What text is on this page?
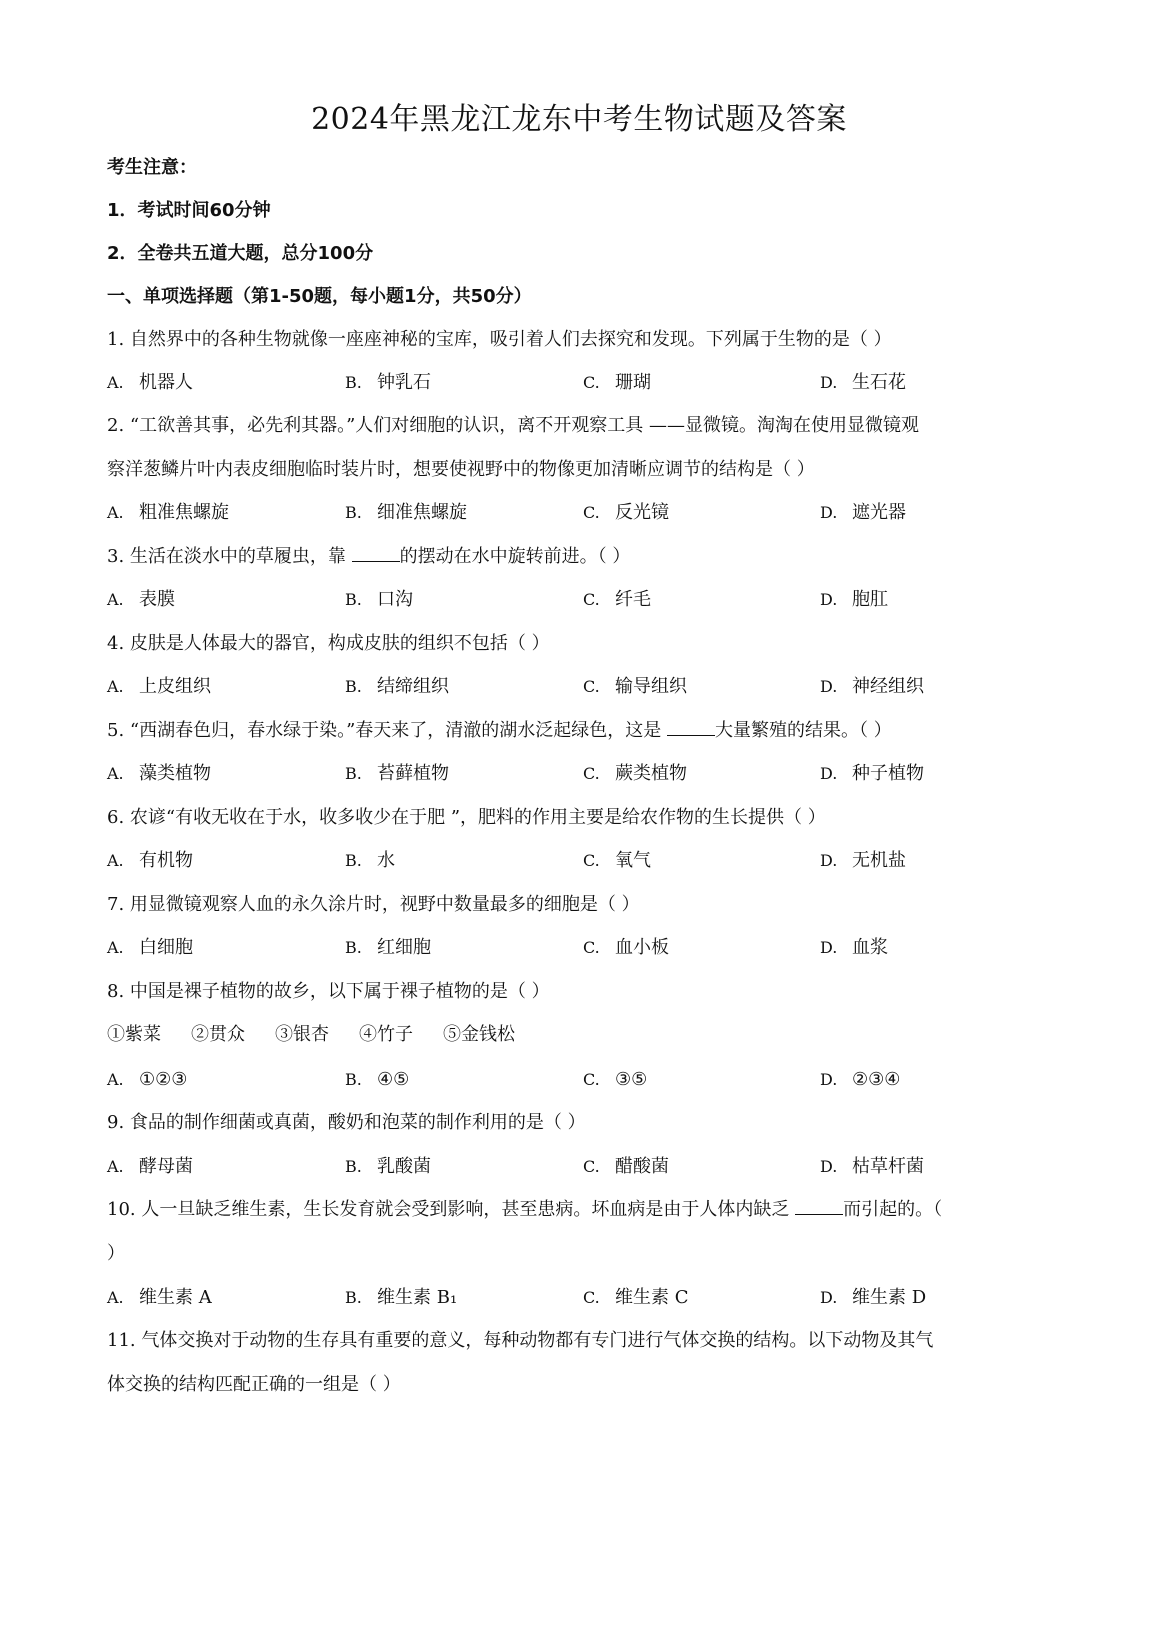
2024年黑龙江龙东中考生物试题及答案
考生注意：
1．考试时间60分钟
2．全卷共五道大题，总分100分
一、单项选择题（第1-50题，每小题1分，共50分）
1. 自然界中的各种生物就像一座座神秘的宝库，吸引着人们去探究和发现。下列属于生物的是（ ）
A. 机器人	B. 钟乳石	C. 珊瑚	D. 生石花
2. “工欲善其事，必先利其器。”人们对细胞的认识，离不开观察工具 ——显微镜。淘淘在使用显微镜观
察洋葱鳞片叶内表皮细胞临时装片时，想要使视野中的物像更加清晰应调节的结构是（ ）
A. 粗准焦螺旋	B. 细准焦螺旋	C. 反光镜	D. 遮光器
3. 生活在淡水中的草履虫，靠	的摆动在水中旋转前进。（ ）
A. 表膜	B. 口沟	C. 纤毛	D. 胞肛
4. 皮肤是人体最大的器官，构成皮肤的组织不包括（ ）
A. 上皮组织	B. 结缔组织	C. 输导组织	D. 神经组织
5. “西湖春色归，春水绿于染。”春天来了，清澈的湖水泛起绿色，这是	大量繁殖的结果。（ ）
A. 藻类植物	B. 苔藓植物	C. 蕨类植物	D. 种子植物
6. 农谚“有收无收在于水，收多收少在于肥 ”，肥料的作用主要是给农作物的生长提供（ ）
A. 有机物	B. 水	C. 氧气	D. 无机盐
7. 用显微镜观察人血的永久涂片时，视野中数量最多的细胞是（ ）
A. 白细胞	B. 红细胞	C. 血小板	D. 血浆
8. 中国是裸子植物的故乡，以下属于裸子植物的是（ ）
①紫菜 ②贯众 ③银杏 ④竹子 ⑤金钱松
A. ①②③	B. ④⑤	C. ③⑤	D. ②③④
9. 食品的制作细菌或真菌，酸奶和泡菜的制作利用的是（ ）
A. 酵母菌	B. 乳酸菌	C. 醋酸菌	D. 枯草杆菌
10. 人一旦缺乏维生素，生长发育就会受到影响，甚至患病。坏血病是由于人体内缺乏	而引起的。（
）
A. 维生素 A	B. 维生素 B₁	C. 维生素 C	D. 维生素 D
11. 气体交换对于动物的生存具有重要的意义，每种动物都有专门进行气体交换的结构。以下动物及其气
体交换的结构匹配正确的一组是（ ）
